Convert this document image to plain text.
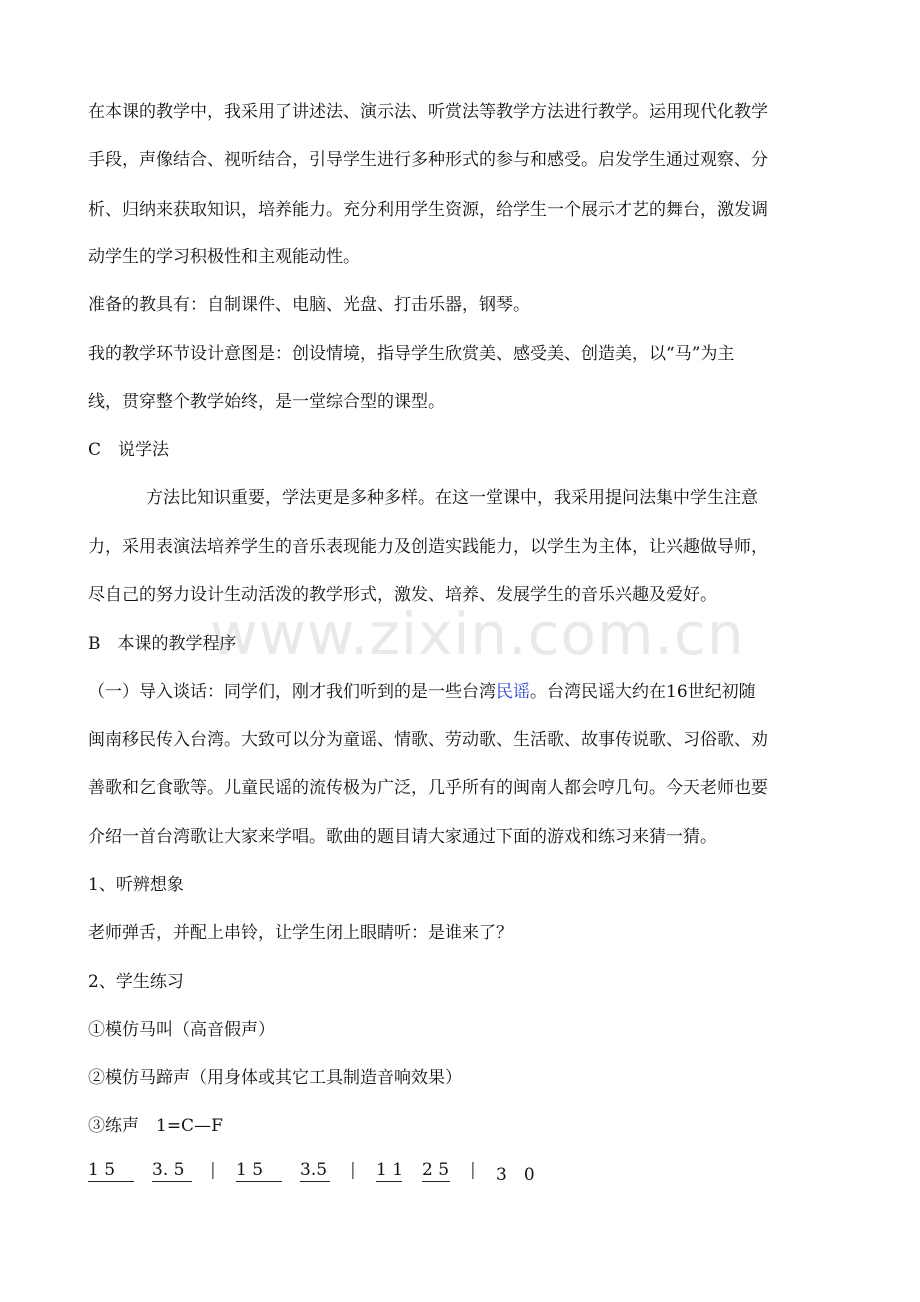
www.zixin.com.cn
在本课的教学中，我采用了讲述法、演示法、听赏法等教学方法进行教学。运用现代化教学
手段，声像结合、视听结合，引导学生进行多种形式的参与和感受。启发学生通过观察、分
析、归纳来获取知识，培养能力。充分利用学生资源，给学生一个展示才艺的舞台，激发调
动学生的学习积极性和主观能动性。
准备的教具有：自制课件、电脑、光盘、打击乐器，钢琴。
我的教学环节设计意图是：创设情境，指导学生欣赏美、感受美、创造美，以“马”为主
线，贯穿整个教学始终，是一堂综合型的课型。
C　说学法
方法比知识重要，学法更是多种多样。在这一堂课中，我采用提问法集中学生注意
力，采用表演法培养学生的音乐表现能力及创造实践能力，以学生为主体，让兴趣做导师，
尽自己的努力设计生动活泼的教学形式，激发、培养、发展学生的音乐兴趣及爱好。
B　本课的教学程序
（一）导入谈话：同学们，刚才我们听到的是一些台湾民谣。台湾民谣大约在16世纪初随
闽南移民传入台湾。大致可以分为童谣、情歌、劳动歌、生活歌、故事传说歌、习俗歌、劝
善歌和乞食歌等。儿童民谣的流传极为广泛，几乎所有的闽南人都会哼几句。今天老师也要
介绍一首台湾歌让大家来学唱。歌曲的题目请大家通过下面的游戏和练习来猜一猜。
1、听辨想象
老师弹舌，并配上串铃，让学生闭上眼睛听：是谁来了？
2、学生练习
①模仿马叫（高音假声）
②模仿马蹄声（用身体或其它工具制造音响效果）
③练声　1=C—F
1 5	3. 5	| 1 5	3.5 | 1 1 2 5 | 3　0
